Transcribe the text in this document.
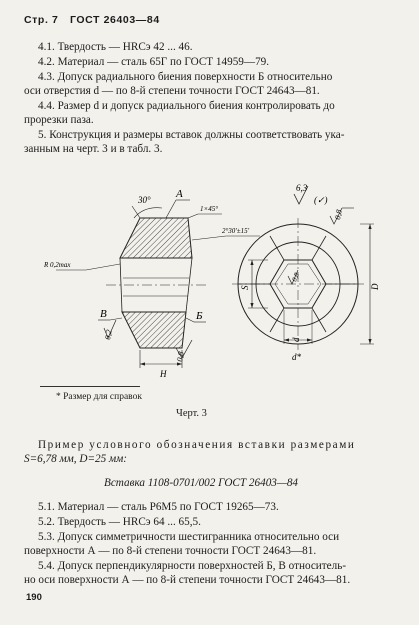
Стр. 7 ГОСТ 26403—84
4.1. Твердость — HRCэ 42 ... 46.
4.2. Материал — сталь 65Г по ГОСТ 14959—79.
4.3. Допуск радиального биения поверхности Б относительно
оси отверстия d — по 8-й степени точности ГОСТ 24643—81.
4.4. Размер d и допуск радиального биения контролировать до
прорезки паза.
5. Конструкция и размеры вставок должны соответствовать ука-
занным на черт. 3 и в табл. 3.
30° A
1×45°
2°30'±15'
R 0,2max
В	Б
H
0,2
0,8
6,3
(✓)
0,8
0,8
S
d
D
d*
* Размер для справок
Черт. 3
Пример условного обозначения вставки размерами
S=6,78 мм, D=25 мм:
Вставка 1108-0701/002 ГОСТ 26403—84
5.1. Материал — сталь Р6М5 по ГОСТ 19265—73.
5.2. Твердость — HRCэ 64 ... 65,5.
5.3. Допуск симметричности шестигранника относительно оси
поверхности А — по 8-й степени точности ГОСТ 24643—81.
5.4. Допуск перпендикулярности поверхностей Б, В относитель-
но оси поверхности А — по 8-й степени точности ГОСТ 24643—81.
190
